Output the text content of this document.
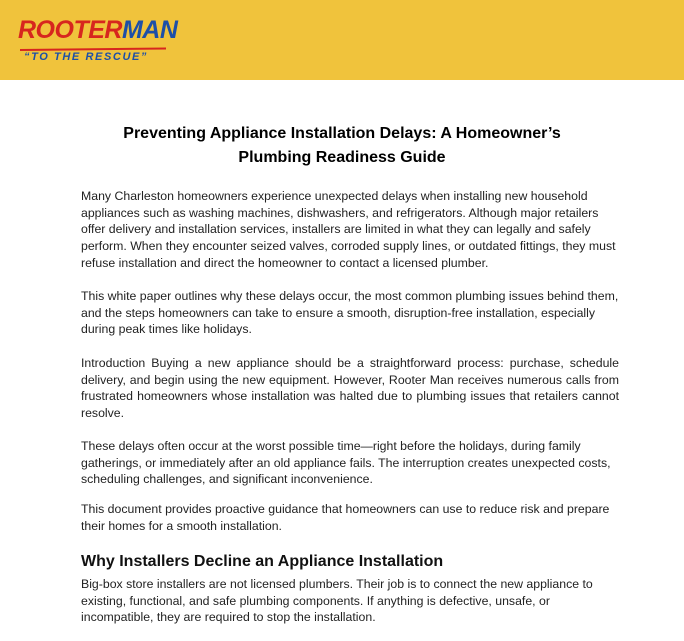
ROOTERMAN
“TO THE RESCUE”
Preventing Appliance Installation Delays: A Homeowner’s
Plumbing Readiness Guide

Many Charleston homeowners experience unexpected delays when installing new household appliances such as washing machines, dishwashers, and refrigerators. Although major retailers offer delivery and installation services, installers are limited in what they can legally and safely perform. When they encounter seized valves, corroded supply lines, or outdated fittings, they must refuse installation and direct the homeowner to contact a licensed plumber.

This white paper outlines why these delays occur, the most common plumbing issues behind them, and the steps homeowners can take to ensure a smooth, disruption-free installation, especially during peak times like holidays.

Introduction Buying a new appliance should be a straightforward process: purchase, schedule delivery, and begin using the new equipment. However, Rooter Man receives numerous calls from frustrated homeowners whose installation was halted due to plumbing issues that retailers cannot resolve.

These delays often occur at the worst possible time—right before the holidays, during family gatherings, or immediately after an old appliance fails. The interruption creates unexpected costs, scheduling challenges, and significant inconvenience.

This document provides proactive guidance that homeowners can use to reduce risk and prepare their homes for a smooth installation.

Why Installers Decline an Appliance Installation

Big-box store installers are not licensed plumbers. Their job is to connect the new appliance to existing, functional, and safe plumbing components. If anything is defective, unsafe, or incompatible, they are required to stop the installation.
